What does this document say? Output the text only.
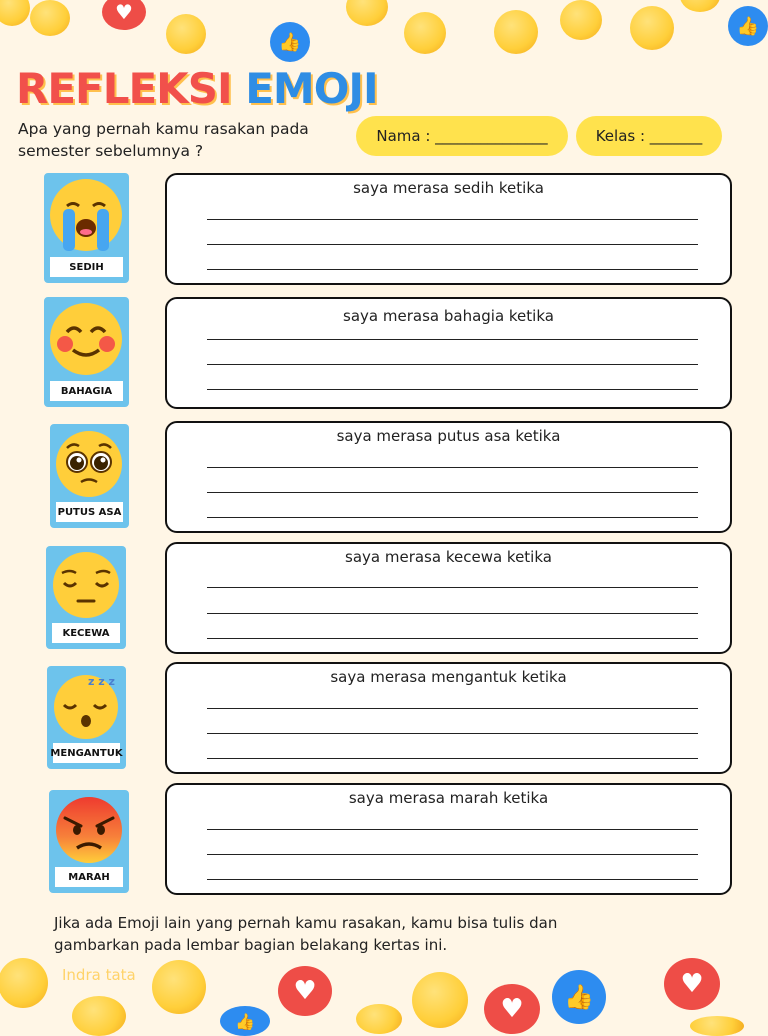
♥
👍
👍
REFLEKSI EMOJI
Apa yang pernah kamu rasakan pada semester sebelumnya ?
Nama : _______________	Kelas : _______
SEDIH
saya merasa sedih ketika
BAHAGIA
saya merasa bahagia ketika
PUTUS ASA
saya merasa putus asa ketika
KECEWA
saya merasa kecewa ketika
z z z
MENGANTUK
saya merasa mengantuk ketika
MARAH
saya merasa marah ketika
Jika ada Emoji lain yang pernah kamu rasakan, kamu bisa tulis dan gambarkan pada lembar bagian belakang kertas ini.
Indra tata
♥
👍	♥	👍	♥
